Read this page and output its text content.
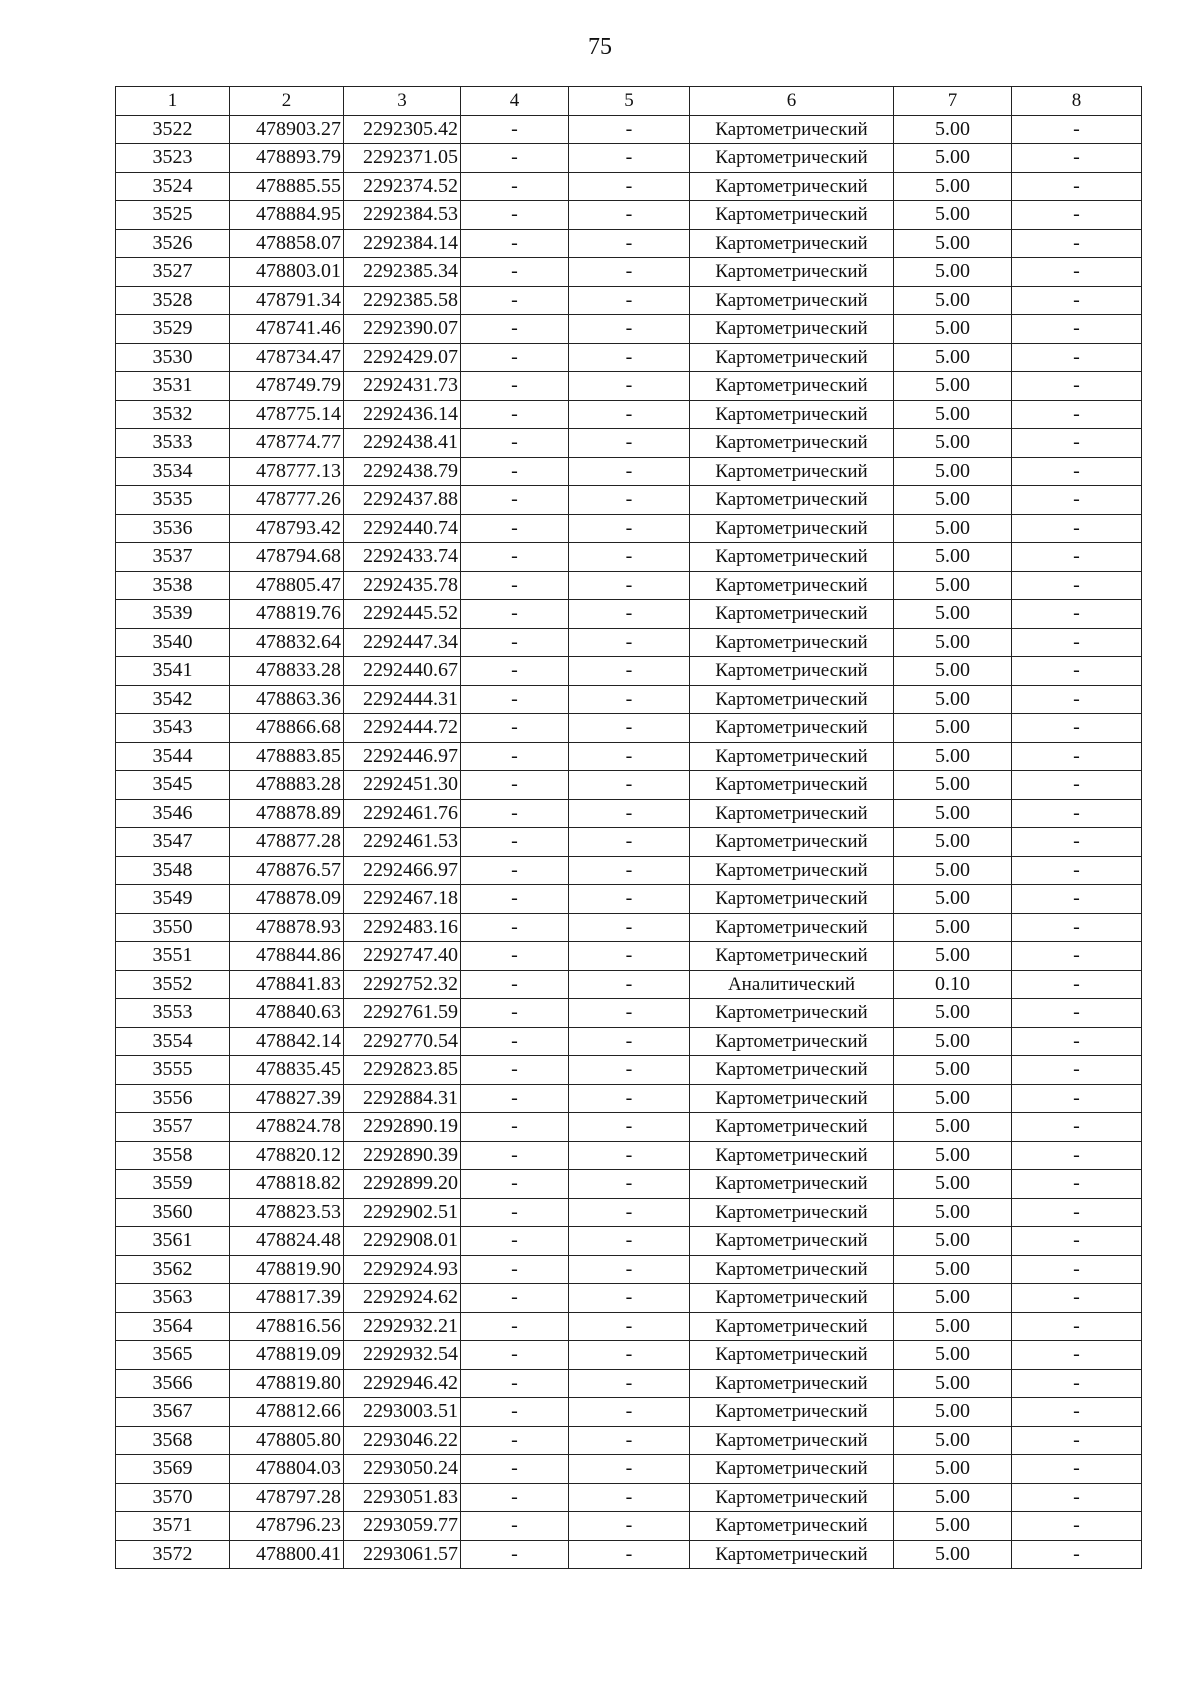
75
1	2	3	4	5	6	7	8
3522	478903.27	2292305.42	-	-	Картометрический	5.00	-
3523	478893.79	2292371.05	-	-	Картометрический	5.00	-
3524	478885.55	2292374.52	-	-	Картометрический	5.00	-
3525	478884.95	2292384.53	-	-	Картометрический	5.00	-
3526	478858.07	2292384.14	-	-	Картометрический	5.00	-
3527	478803.01	2292385.34	-	-	Картометрический	5.00	-
3528	478791.34	2292385.58	-	-	Картометрический	5.00	-
3529	478741.46	2292390.07	-	-	Картометрический	5.00	-
3530	478734.47	2292429.07	-	-	Картометрический	5.00	-
3531	478749.79	2292431.73	-	-	Картометрический	5.00	-
3532	478775.14	2292436.14	-	-	Картометрический	5.00	-
3533	478774.77	2292438.41	-	-	Картометрический	5.00	-
3534	478777.13	2292438.79	-	-	Картометрический	5.00	-
3535	478777.26	2292437.88	-	-	Картометрический	5.00	-
3536	478793.42	2292440.74	-	-	Картометрический	5.00	-
3537	478794.68	2292433.74	-	-	Картометрический	5.00	-
3538	478805.47	2292435.78	-	-	Картометрический	5.00	-
3539	478819.76	2292445.52	-	-	Картометрический	5.00	-
3540	478832.64	2292447.34	-	-	Картометрический	5.00	-
3541	478833.28	2292440.67	-	-	Картометрический	5.00	-
3542	478863.36	2292444.31	-	-	Картометрический	5.00	-
3543	478866.68	2292444.72	-	-	Картометрический	5.00	-
3544	478883.85	2292446.97	-	-	Картометрический	5.00	-
3545	478883.28	2292451.30	-	-	Картометрический	5.00	-
3546	478878.89	2292461.76	-	-	Картометрический	5.00	-
3547	478877.28	2292461.53	-	-	Картометрический	5.00	-
3548	478876.57	2292466.97	-	-	Картометрический	5.00	-
3549	478878.09	2292467.18	-	-	Картометрический	5.00	-
3550	478878.93	2292483.16	-	-	Картометрический	5.00	-
3551	478844.86	2292747.40	-	-	Картометрический	5.00	-
3552	478841.83	2292752.32	-	-	Аналитический	0.10	-
3553	478840.63	2292761.59	-	-	Картометрический	5.00	-
3554	478842.14	2292770.54	-	-	Картометрический	5.00	-
3555	478835.45	2292823.85	-	-	Картометрический	5.00	-
3556	478827.39	2292884.31	-	-	Картометрический	5.00	-
3557	478824.78	2292890.19	-	-	Картометрический	5.00	-
3558	478820.12	2292890.39	-	-	Картометрический	5.00	-
3559	478818.82	2292899.20	-	-	Картометрический	5.00	-
3560	478823.53	2292902.51	-	-	Картометрический	5.00	-
3561	478824.48	2292908.01	-	-	Картометрический	5.00	-
3562	478819.90	2292924.93	-	-	Картометрический	5.00	-
3563	478817.39	2292924.62	-	-	Картометрический	5.00	-
3564	478816.56	2292932.21	-	-	Картометрический	5.00	-
3565	478819.09	2292932.54	-	-	Картометрический	5.00	-
3566	478819.80	2292946.42	-	-	Картометрический	5.00	-
3567	478812.66	2293003.51	-	-	Картометрический	5.00	-
3568	478805.80	2293046.22	-	-	Картометрический	5.00	-
3569	478804.03	2293050.24	-	-	Картометрический	5.00	-
3570	478797.28	2293051.83	-	-	Картометрический	5.00	-
3571	478796.23	2293059.77	-	-	Картометрический	5.00	-
3572	478800.41	2293061.57	-	-	Картометрический	5.00	-
